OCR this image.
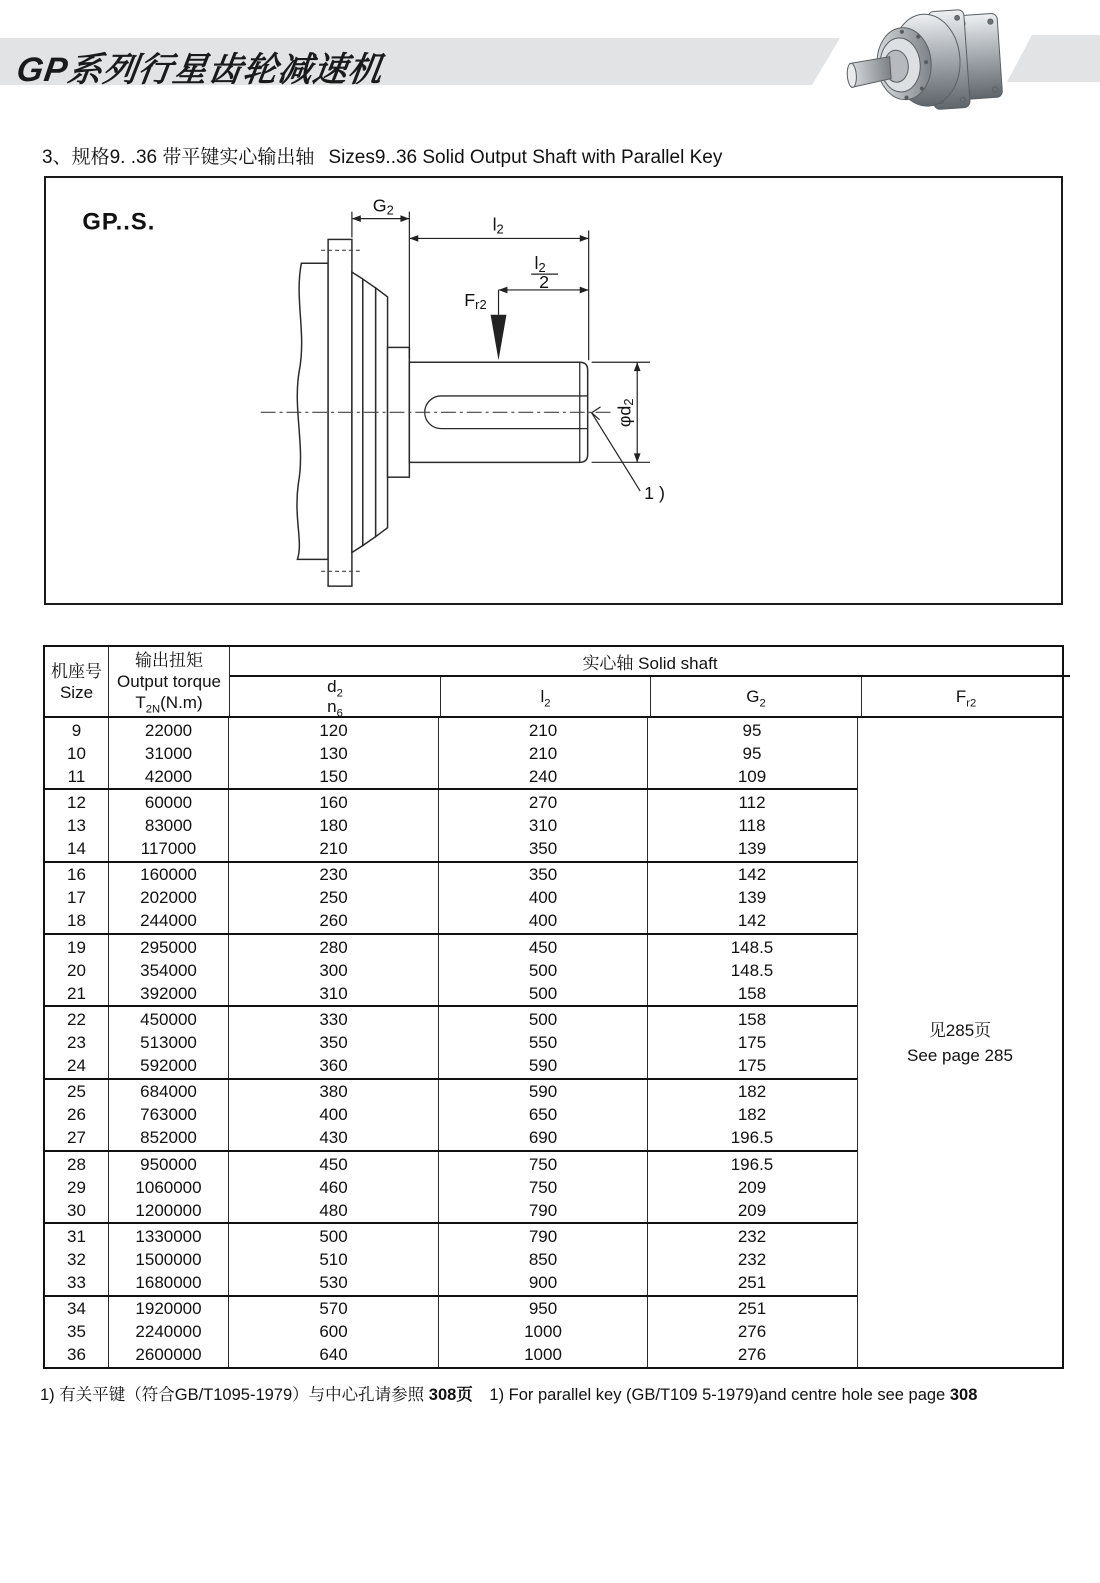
GP系列行星齿轮减速机
3、规格9. .36 带平键实心输出轴 Sizes9..36 Solid Output Shaft with Parallel Key
GP..S.
G2
l2
l2
2
Fr2
φd2
1 )
机座号
Size
输出扭矩
Output torque
$T_{2N}(N.m)$
实心轴 Solid shaft
$d_2$
$n_6$
$l_2$	$G_2$	$F_{r2}$
9
10
11
22000
31000
42000
120
130
150
210
210
240
95
95
109
12
13
14
60000
83000
117000
160
180
210
270
310
350
112
118
139
16
17
18
160000
202000
244000
230
250
260
350
400
400
142
139
142
19
20
21
295000
354000
392000
280
300
310
450
500
500
148.5
148.5
158
22
23
24
450000
513000
592000
330
350
360
500
550
590
158
175
175
25
26
27
684000
763000
852000
380
400
430
590
650
690
182
182
196.5
28
29
30
950000
1060000
1200000
450
460
480
750
750
790
196.5
209
209
31
32
33
1330000
1500000
1680000
500
510
530
790
850
900
232
232
251
34
35
36
1920000
2240000
2600000
570
600
640
950
1000
1000
251
276
276
见285页
See page 285
1) 有关平键（符合GB/T1095-1979）与中心孔请参照 308页 1) For parallel key (GB/T109 5-1979)and centre hole see page 308
